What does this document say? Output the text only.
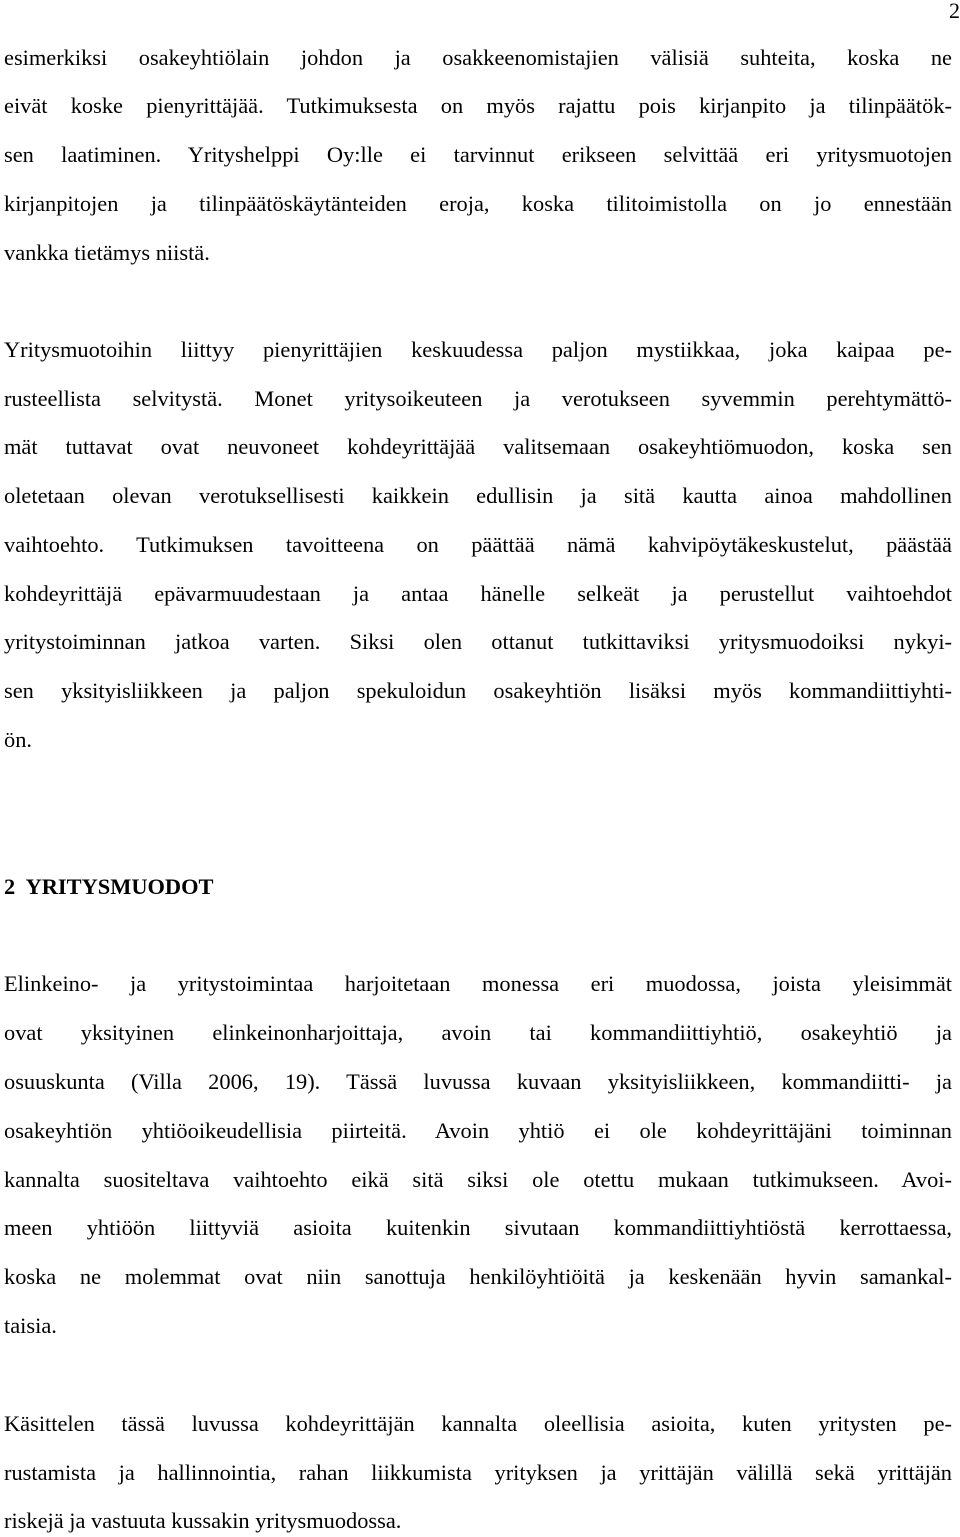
2
esimerkiksi osakeyhtiölain johdon ja osakkeenomistajien välisiä suhteita, koska ne
eivät koske pienyrittäjää. Tutkimuksesta on myös rajattu pois kirjanpito ja tilinpäätök-
sen laatiminen. Yrityshelppi Oy:lle ei tarvinnut erikseen selvittää eri yritysmuotojen
kirjanpitojen ja tilinpäätöskäytänteiden eroja, koska tilitoimistolla on jo ennestään
vankka tietämys niistä.
Yritysmuotoihin liittyy pienyrittäjien keskuudessa paljon mystiikkaa, joka kaipaa pe-
rusteellista selvitystä. Monet yritysoikeuteen ja verotukseen syvemmin perehtymättö-
mät tuttavat ovat neuvoneet kohdeyrittäjää valitsemaan osakeyhtiömuodon, koska sen
oletetaan olevan verotuksellisesti kaikkein edullisin ja sitä kautta ainoa mahdollinen
vaihtoehto. Tutkimuksen tavoitteena on päättää nämä kahvipöytäkeskustelut, päästää
kohdeyrittäjä epävarmuudestaan ja antaa hänelle selkeät ja perustellut vaihtoehdot
yritystoiminnan jatkoa varten. Siksi olen ottanut tutkittaviksi yritysmuodoiksi nykyi-
sen yksityisliikkeen ja paljon spekuloidun osakeyhtiön lisäksi myös kommandiittiyhti-
ön.
2 YRITYSMUODOT
Elinkeino- ja yritystoimintaa harjoitetaan monessa eri muodossa, joista yleisimmät
ovat yksityinen elinkeinonharjoittaja, avoin tai kommandiittiyhtiö, osakeyhtiö ja
osuuskunta (Villa 2006, 19). Tässä luvussa kuvaan yksityisliikkeen, kommandiitti- ja
osakeyhtiön yhtiöoikeudellisia piirteitä. Avoin yhtiö ei ole kohdeyrittäjäni toiminnan
kannalta suositeltava vaihtoehto eikä sitä siksi ole otettu mukaan tutkimukseen. Avoi-
meen yhtiöön liittyviä asioita kuitenkin sivutaan kommandiittiyhtiöstä kerrottaessa,
koska ne molemmat ovat niin sanottuja henkilöyhtiöitä ja keskenään hyvin samankal-
taisia.
Käsittelen tässä luvussa kohdeyrittäjän kannalta oleellisia asioita, kuten yritysten pe-
rustamista ja hallinnointia, rahan liikkumista yrityksen ja yrittäjän välillä sekä yrittäjän
riskejä ja vastuuta kussakin yritysmuodossa.
